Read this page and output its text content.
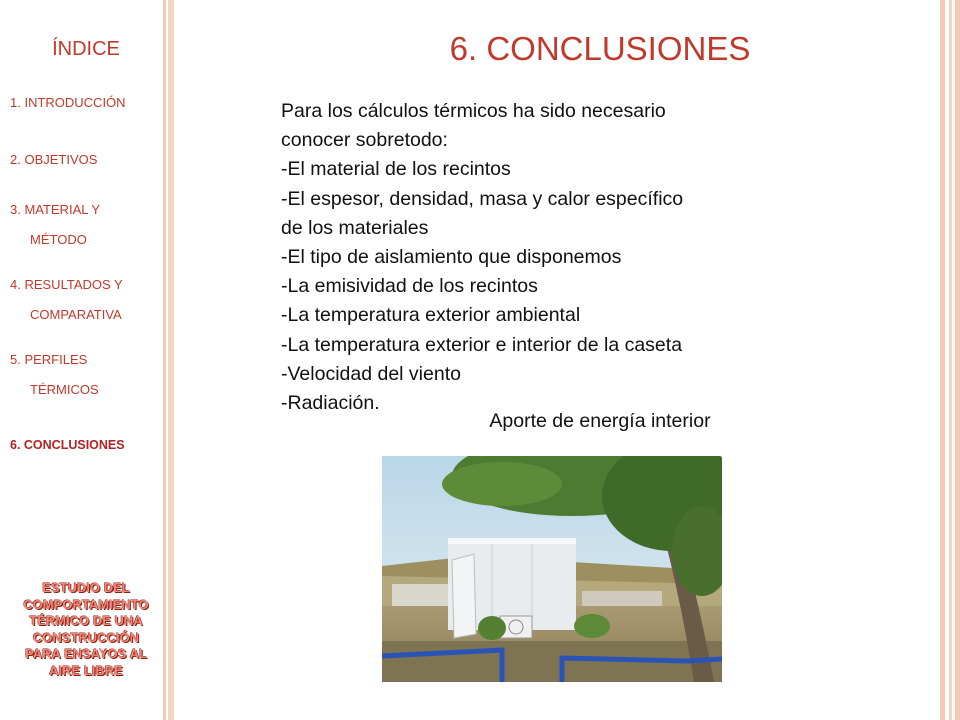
ÍNDICE
1. INTRODUCCIÓN
2. OBJETIVOS
3. MATERIAL Y
MÉTODO
4. RESULTADOS Y
COMPARATIVA
5. PERFILES
TÉRMICOS
6. CONCLUSIONES
ESTUDIO DEL
COMPORTAMIENTO
TÉRMICO DE UNA
CONSTRUCCIÓN
PARA ENSAYOS AL
AIRE LIBRE
6. CONCLUSIONES

Para los cálculos térmicos ha sido necesario

conocer sobretodo:

-El material de los recintos

-El espesor, densidad, masa y calor específico

de los materiales

-El tipo de aislamiento que disponemos

-La emisividad de los recintos

-La temperatura exterior ambiental

-La temperatura exterior e interior de la caseta

-Velocidad del viento

-Radiación.

Aporte de energía interior
